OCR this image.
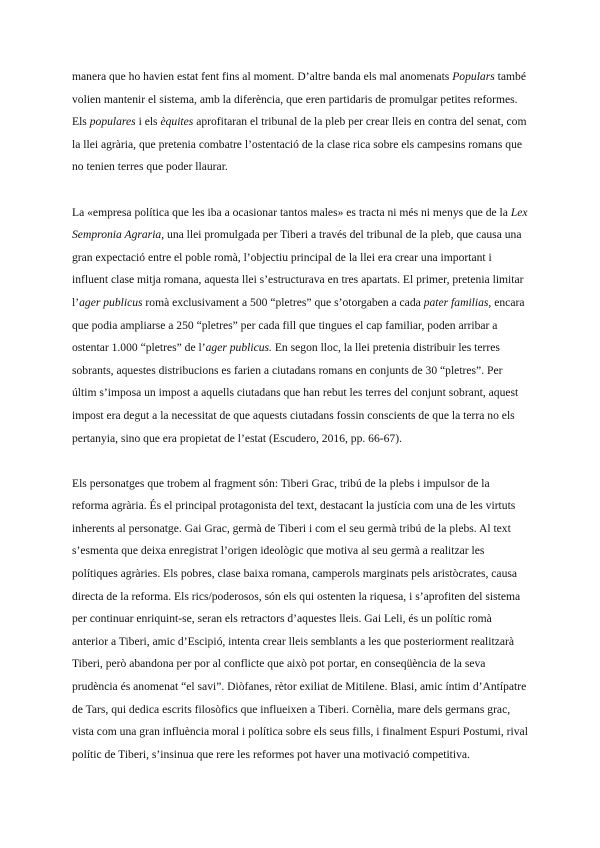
manera que ho havien estat fent fins al moment. D’altre banda els mal anomenats Populars també volien mantenir el sistema, amb la diferència, que eren partidaris de promulgar petites reformes. Els populares i els èquites aprofitaran el tribunal de la pleb per crear lleis en contra del senat, com la llei agrària, que pretenia combatre l’ostentació de la clase rica sobre els campesins romans que no tenien terres que poder llaurar.

La «empresa política que les iba a ocasionar tantos males» es tracta ni més ni menys que de la Lex Sempronia Agraria, una llei promulgada per Tiberi a través del tribunal de la pleb, que causa una gran expectació entre el poble romà, l’objectiu principal de la llei era crear una important i influent clase mitja romana, aquesta llei s’estructurava en tres apartats. El primer, pretenia limitar l’ager publicus romà exclusivament a 500 “pletres” que s’otorgaben a cada pater familias, encara que podia ampliarse a 250 “pletres” per cada fill que tingues el cap familiar, poden arribar a ostentar 1.000 “pletres” de l’ager publicus. En segon lloc, la llei pretenia distribuir les terres sobrants, aquestes distribucions es farien a ciutadans romans en conjunts de 30 “pletres”. Per últim s’imposa un impost a aquells ciutadans que han rebut les terres del conjunt sobrant, aquest impost era degut a la necessitat de que aquests ciutadans fossin conscients de que la terra no els pertanyia, sino que era propietat de l’estat (Escudero, 2016, pp. 66-67).

Els personatges que trobem al fragment són: Tiberi Grac, tribú de la plebs i impulsor de la reforma agrària. És el principal protagonista del text, destacant la justícia com una de les virtuts inherents al personatge. Gai Grac, germà de Tiberi i com el seu germà tribú de la plebs. Al text s’esmenta que deixa enregistrat l’origen ideològic que motiva al seu germà a realitzar les polítiques agràries. Els pobres, clase baixa romana, camperols marginats pels aristòcrates, causa directa de la reforma. Els rics/poderosos, són els qui ostenten la riquesa, i s’aprofiten del sistema per continuar enriquint-se, seran els retractors d’aquestes lleis. Gai Leli, és un polític romà anterior a Tiberi, amic d’Escipió, intenta crear lleis semblants a les que posteriorment realitzarà Tiberi, però abandona per por al conflicte que això pot portar, en conseqüència de la seva prudència és anomenat “el savi”. Diòfanes, rètor exiliat de Mitilene. Blasi, amic íntim d’Antípatre de Tars, qui dedica escrits filosòfics que influeixen a Tiberi. Cornèlia, mare dels germans grac, vista com una gran influència moral i política sobre els seus fills, i finalment Espuri Postumi, rival polític de Tiberi, s’insinua que rere les reformes pot haver una motivació competitiva.
